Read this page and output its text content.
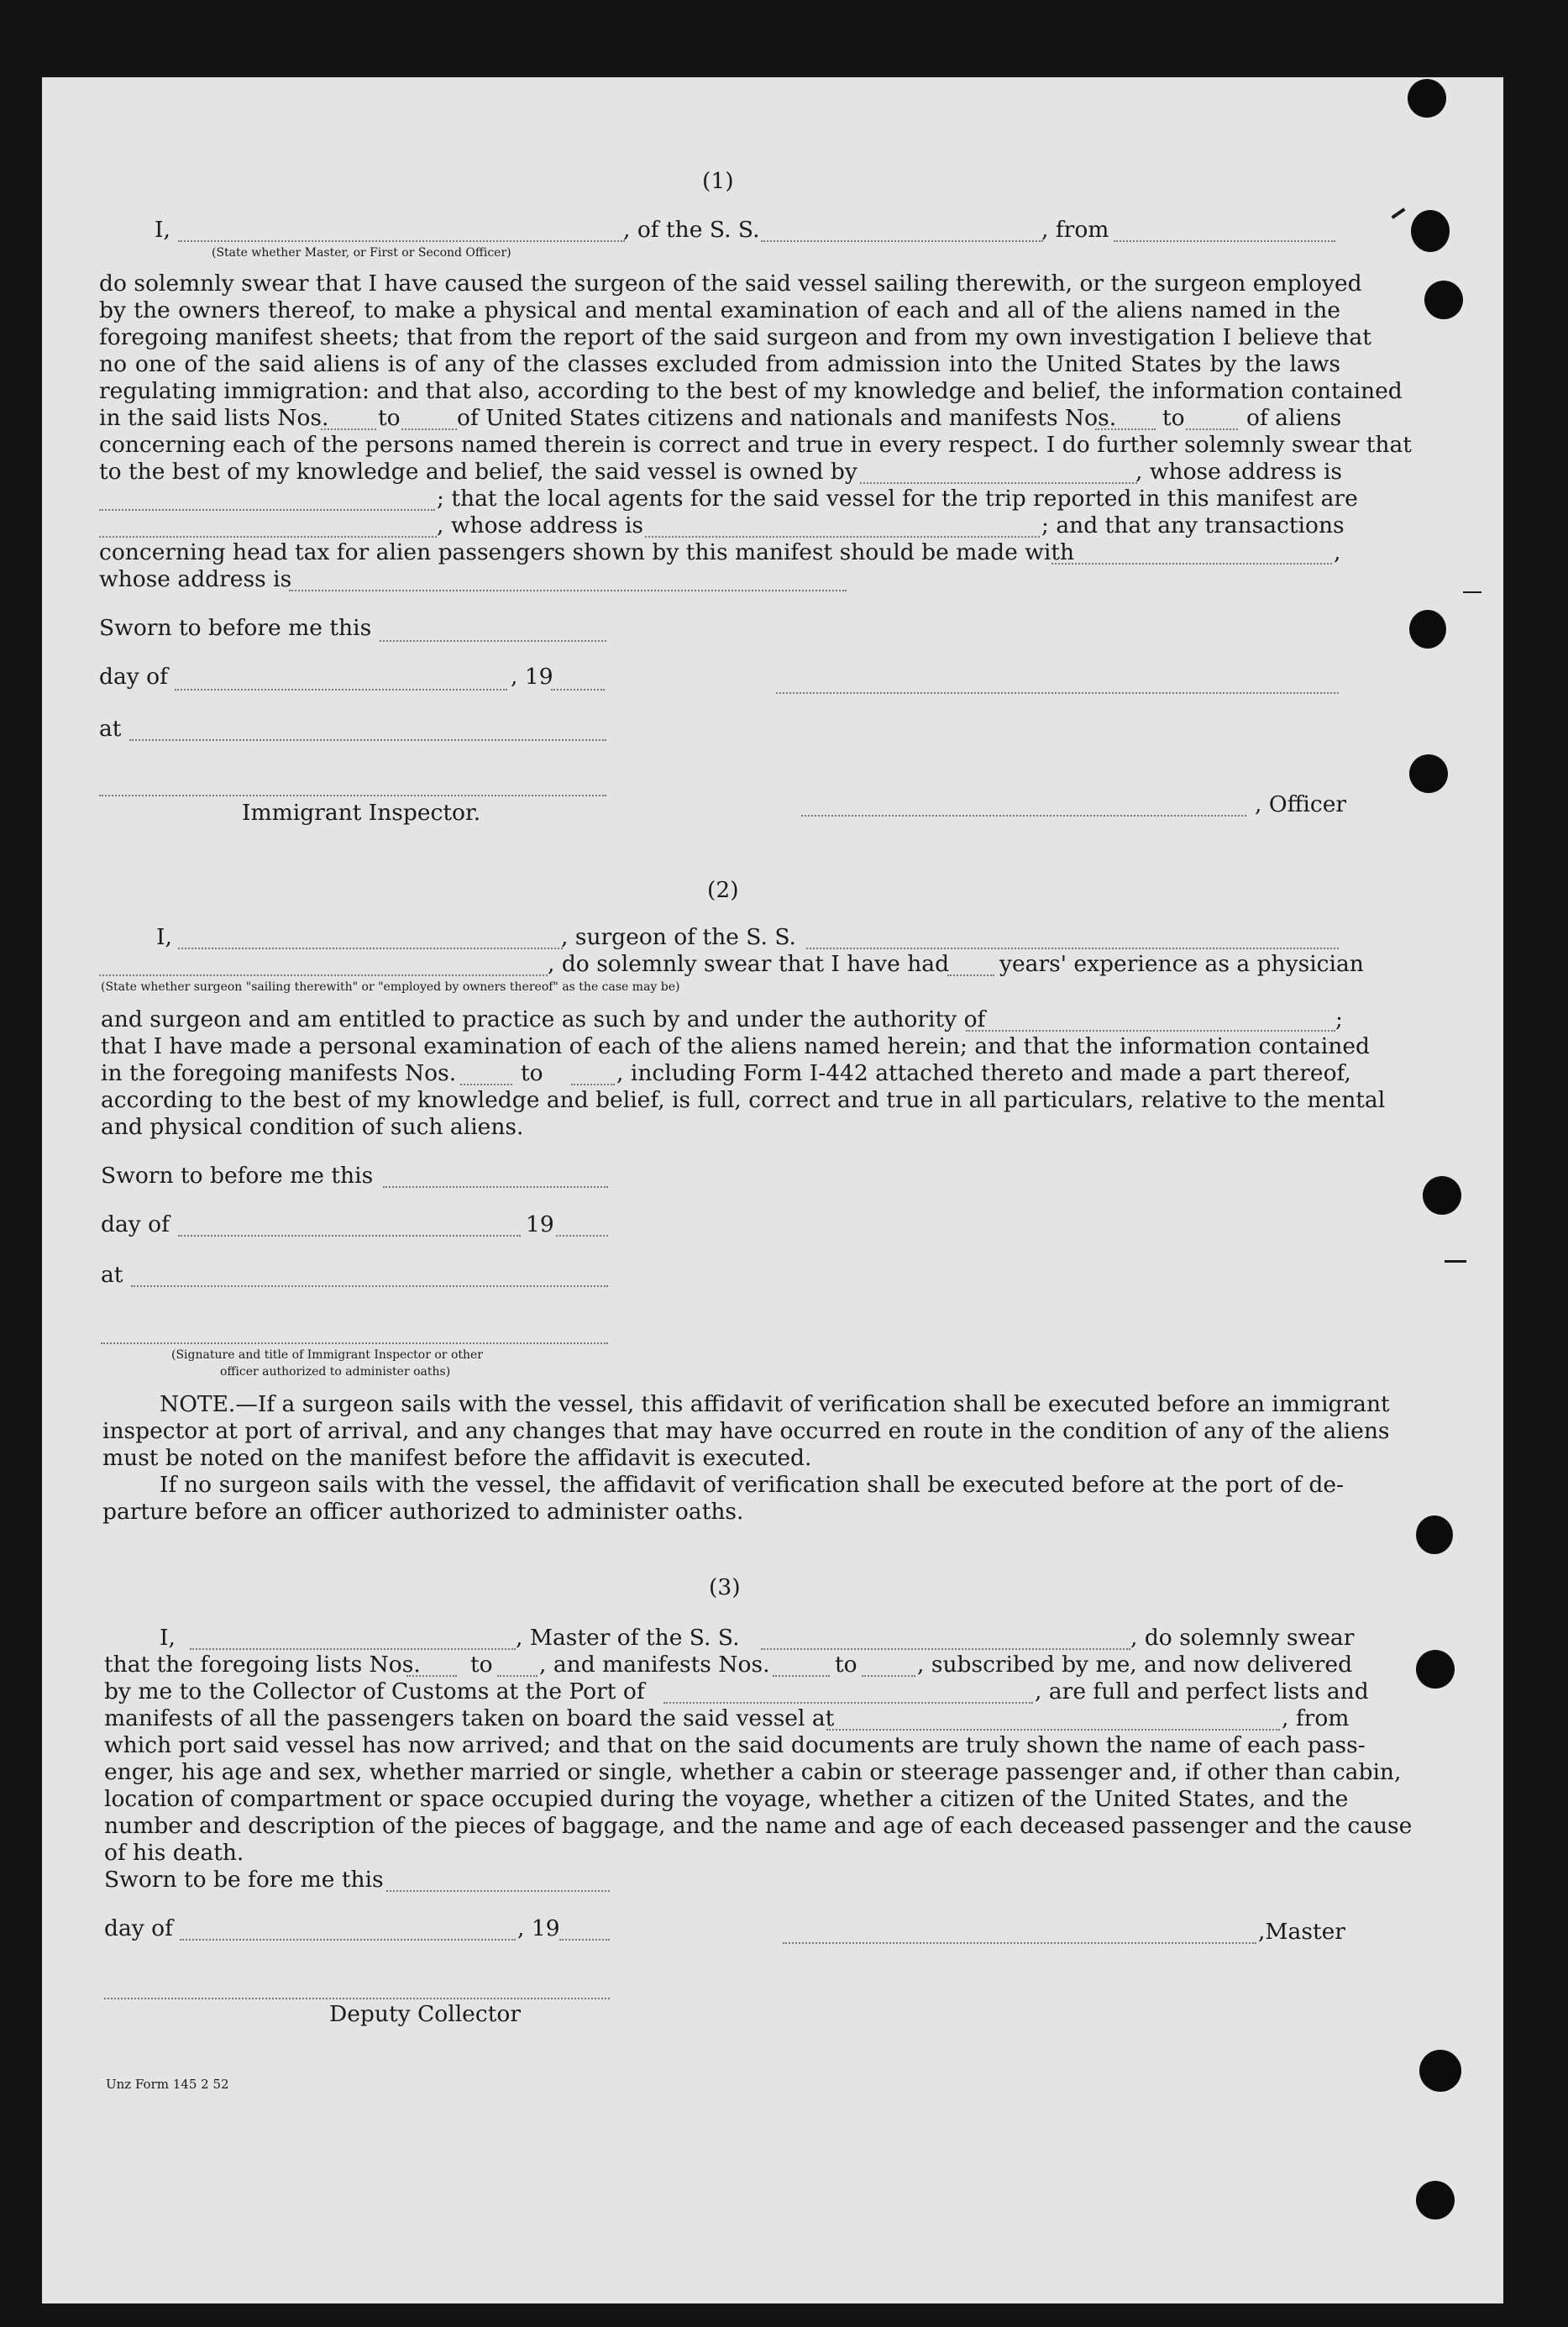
(1)
I,	, of the S. S.	, from
(State whether Master, or First or Second Officer)
do solemnly swear that I have caused the surgeon of the said vessel sailing therewith, or the surgeon employed
by the owners thereof, to make a physical and mental examination of each and all of the aliens named in the
foregoing manifest sheets; that from the report of the said surgeon and from my own investigation I believe that
no one of the said aliens is of any of the classes excluded from admission into the United States by the laws
regulating immigration: and that also, according to the best of my knowledge and belief, the information contained
in the said lists Nos. to	of United States citizens and nationals and manifests Nos. to	of aliens
concerning each of the persons named therein is correct and true in every respect. I do further solemnly swear that
to the best of my knowledge and belief, the said vessel is owned by	, whose address is
; that the local agents for the said vessel for the trip reported in this manifest are
, whose address is	; and that any transactions
concerning head tax for alien passengers shown by this manifest should be made with	,
whose address is
Sworn to before me this
day of	, 19
at
Immigrant Inspector.	, Officer
(2)
I,	, surgeon of the S. S.
, do solemnly swear that I have had years' experience as a physician
(State whether surgeon "sailing therewith" or "employed by owners thereof" as the case may be)
and surgeon and am entitled to practice as such by and under the authority of	;
that I have made a personal examination of each of the aliens named herein; and that the information contained
in the foregoing manifests Nos.	to	, including Form I-442 attached thereto and made a part thereof,
according to the best of my knowledge and belief, is full, correct and true in all particulars, relative to the mental
and physical condition of such aliens.
Sworn to before me this
day of	19
at
(Signature and title of Immigrant Inspector or other
officer authorized to administer oaths)
NOTE.—If a surgeon sails with the vessel, this affidavit of verification shall be executed before an immigrant
inspector at port of arrival, and any changes that may have occurred en route in the condition of any of the aliens
must be noted on the manifest before the affidavit is executed.
If no surgeon sails with the vessel, the affidavit of verification shall be executed before at the port of de-
parture before an officer authorized to administer oaths.
(3)
I,	, Master of the S. S.	, do solemnly swear
that the foregoing lists Nos. to , and manifests Nos.	to	, subscribed by me, and now delivered
by me to the Collector of Customs at the Port of	, are full and perfect lists and
manifests of all the passengers taken on board the said vessel at	, from
which port said vessel has now arrived; and that on the said documents are truly shown the name of each pass-
enger, his age and sex, whether married or single, whether a cabin or steerage passenger and, if other than cabin,
location of compartment or space occupied during the voyage, whether a citizen of the United States, and the
number and description of the pieces of baggage, and the name and age of each deceased passenger and the cause
of his death.
Sworn to be fore me this
day of	, 19	,Master
Deputy Collector
Unz Form 145 2 52
